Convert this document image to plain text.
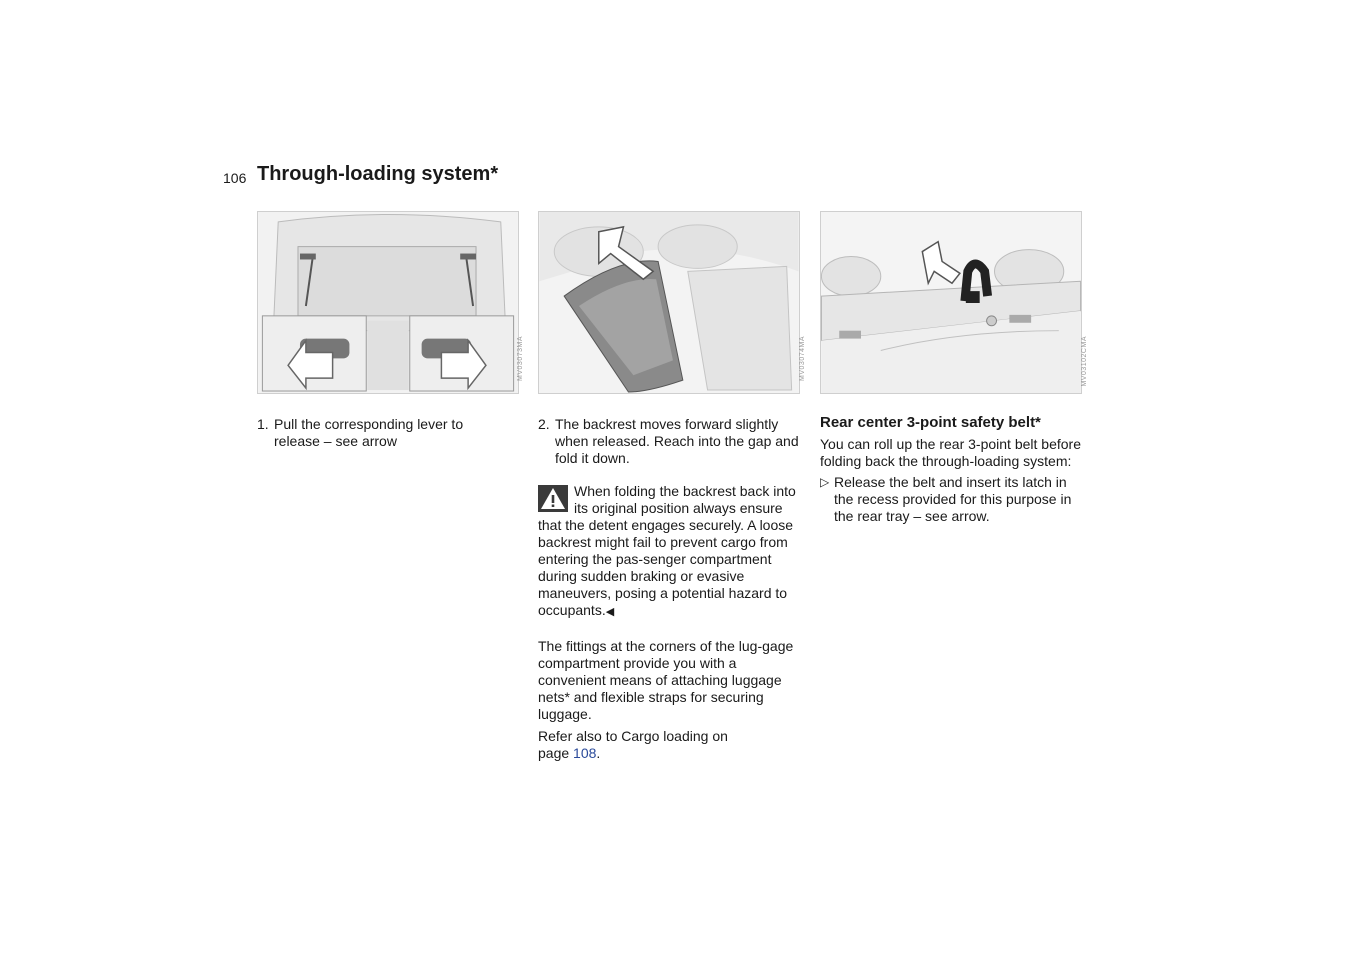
106 Through-loading system*
MV03073MA	MV03074MA	MV03102CMA
1. Pull the corresponding lever to release – see arrow
2. The backrest moves forward slightly when released. Reach into the gap and fold it down.

When folding the backrest back into its original position always ensure that the detent engages securely. A loose backrest might fail to prevent cargo from entering the pas-senger compartment during sudden braking or evasive maneuvers, posing a potential hazard to occupants.◀

The fittings at the corners of the lug-gage compartment provide you with a convenient means of attaching luggage nets* and flexible straps for securing luggage.

Refer also to Cargo loading on page 108.

Rear center 3-point safety belt*

You can roll up the rear 3-point belt before folding back the through-loading system:

▷ Release the belt and insert its latch in the recess provided for this purpose in the rear tray – see arrow.
